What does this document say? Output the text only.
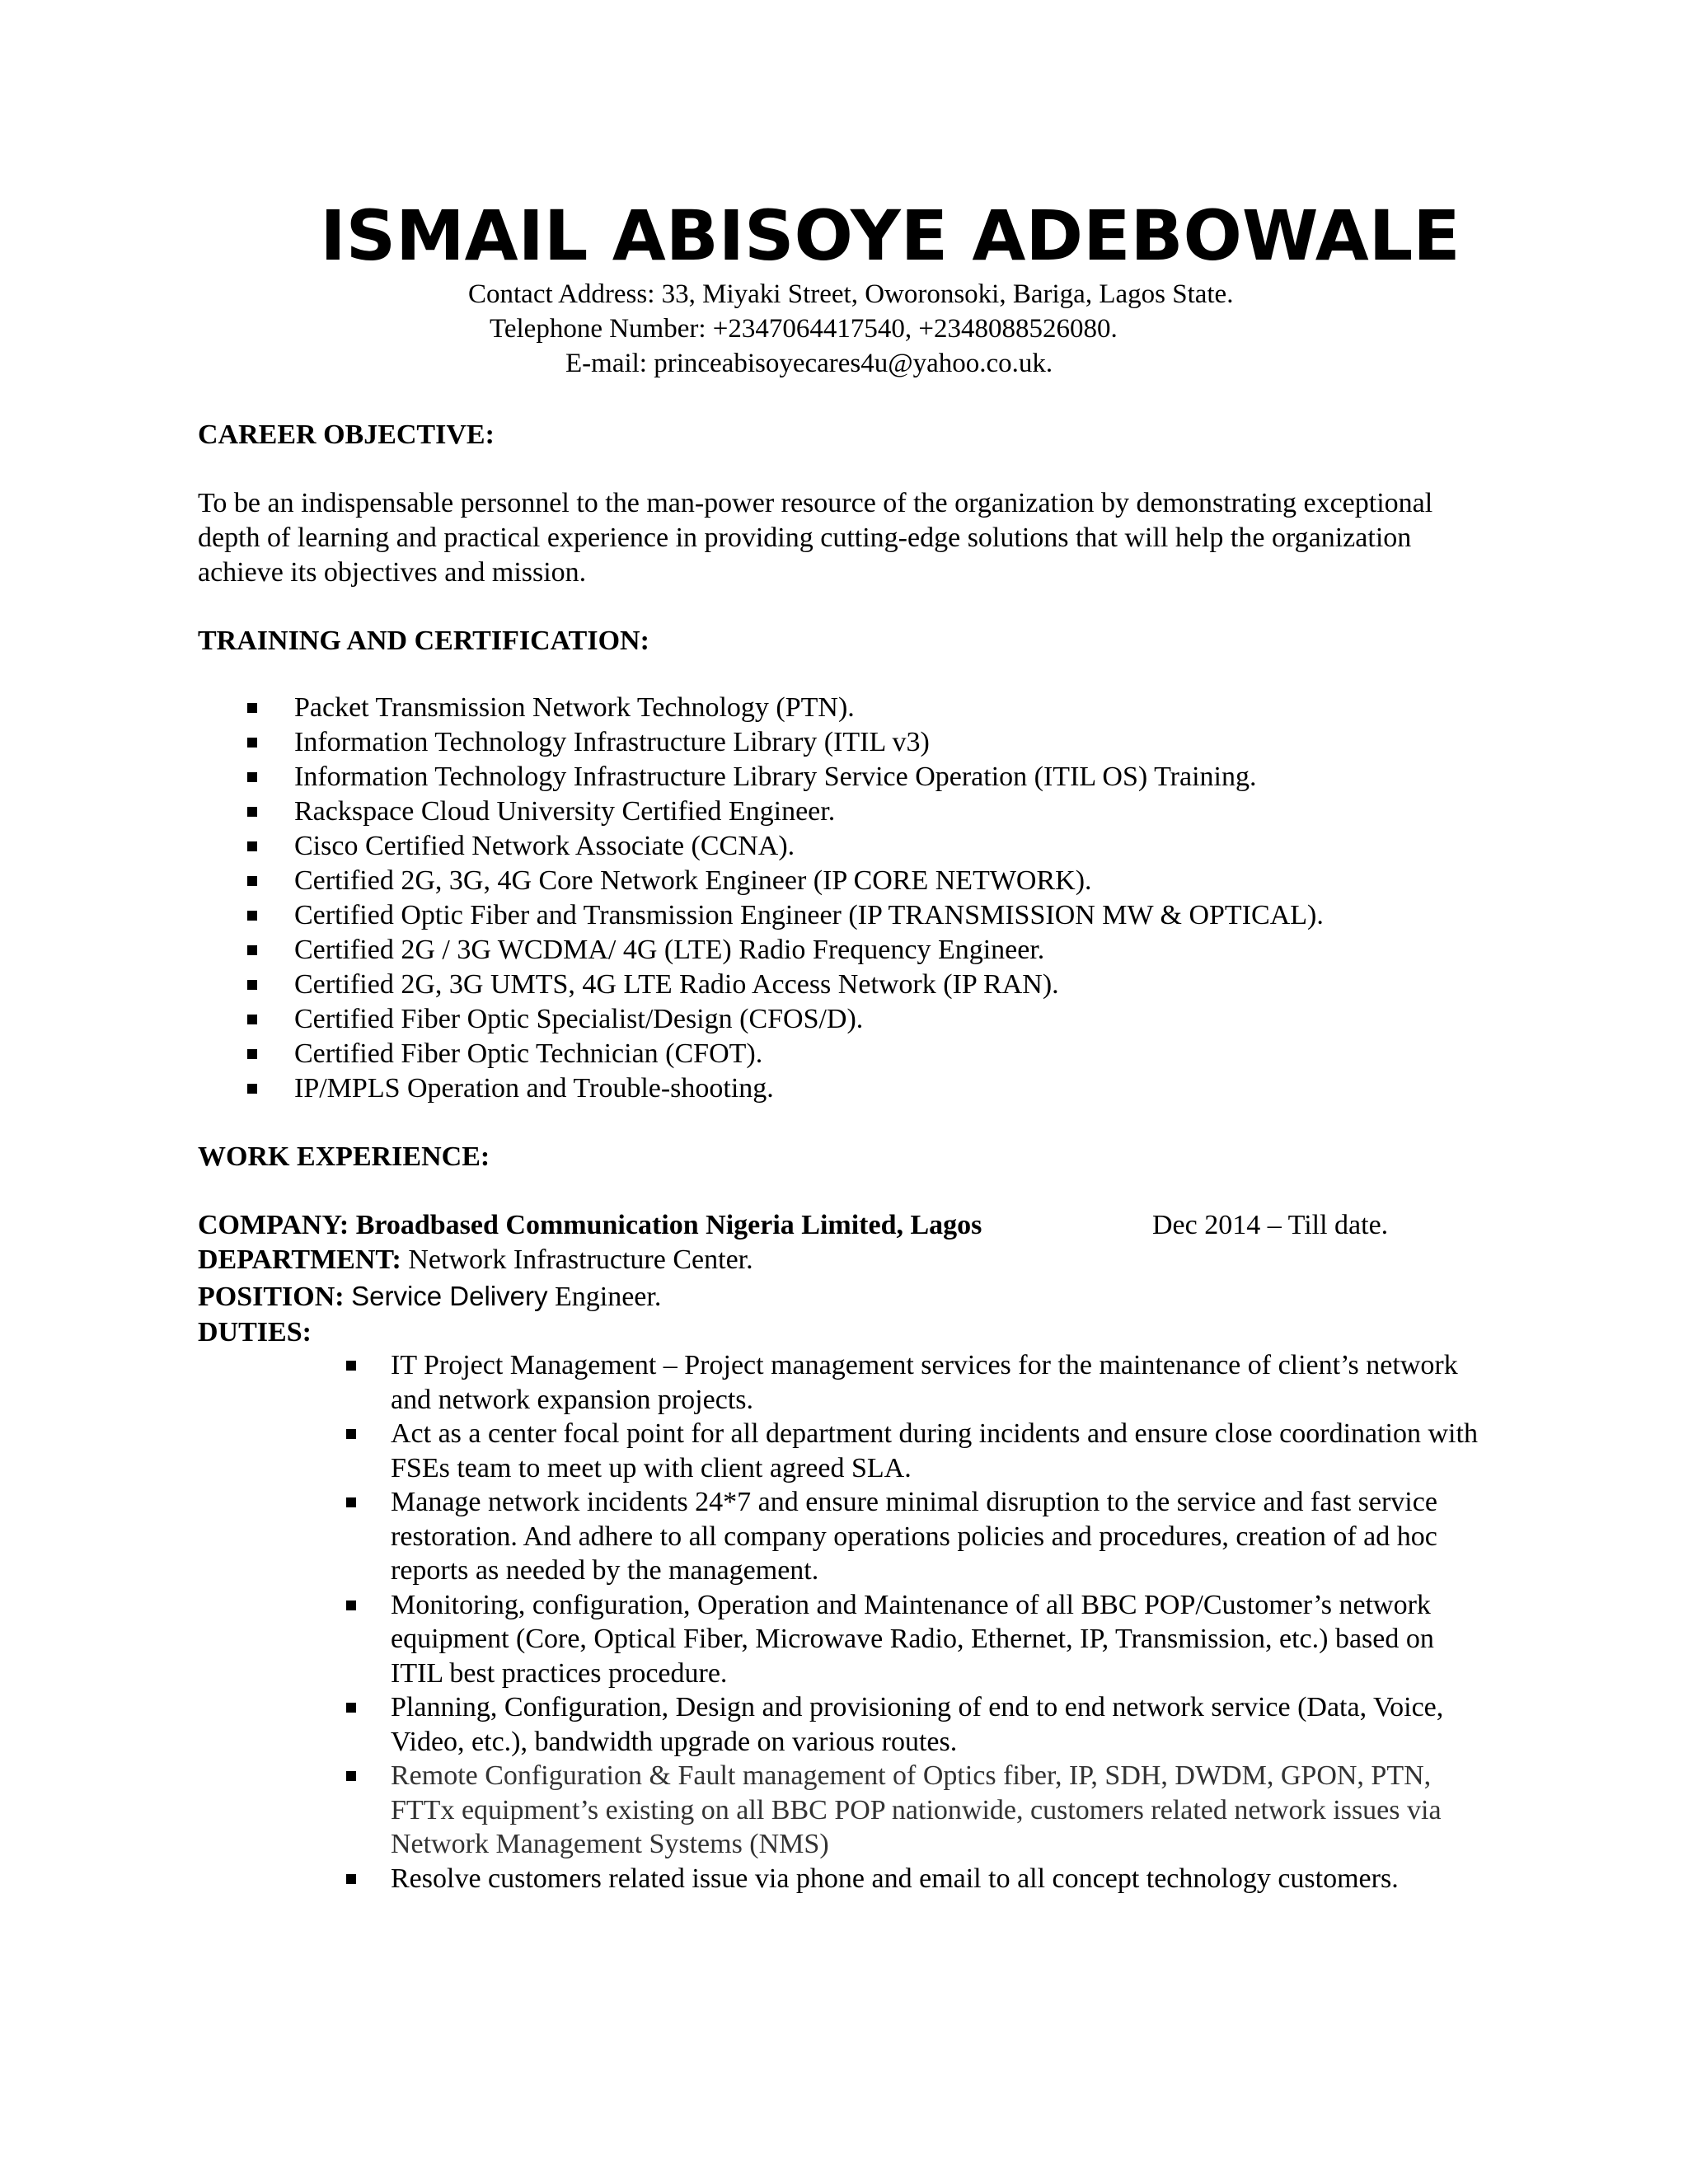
ISMAIL ABISOYE ADEBOWALE
Contact Address: 33, Miyaki Street, Oworonsoki, Bariga, Lagos State.
Telephone Number: +2347064417540, +2348088526080.
E-mail: princeabisoyecares4u@yahoo.co.uk.
CAREER OBJECTIVE:
To be an indispensable personnel to the man-power resource of the organization by demonstrating exceptional depth of learning and practical experience in providing cutting-edge solutions that will help the organization achieve its objectives and mission.
TRAINING AND CERTIFICATION:
Packet Transmission Network Technology (PTN).
Information Technology Infrastructure Library (ITIL v3)
Information Technology Infrastructure Library Service Operation (ITIL OS) Training.
Rackspace Cloud University Certified Engineer.
Cisco Certified Network Associate (CCNA).
Certified 2G, 3G, 4G Core Network Engineer (IP CORE NETWORK).
Certified Optic Fiber and Transmission Engineer (IP TRANSMISSION MW & OPTICAL).
Certified 2G / 3G WCDMA/ 4G (LTE) Radio Frequency Engineer.
Certified 2G, 3G UMTS, 4G LTE Radio Access Network (IP RAN).
Certified Fiber Optic Specialist/Design (CFOS/D).
Certified Fiber Optic Technician (CFOT).
IP/MPLS Operation and Trouble-shooting.
WORK EXPERIENCE:
COMPANY: Broadbased Communication Nigeria Limited, Lagos	Dec 2014 – Till date.
DEPARTMENT: Network Infrastructure Center.
POSITION: Service Delivery Engineer.
DUTIES:
IT Project Management – Project management services for the maintenance of client’s network and network expansion projects.
Act as a center focal point for all department during incidents and ensure close coordination with FSEs team to meet up with client agreed SLA.
Manage network incidents 24*7 and ensure minimal disruption to the service and fast service restoration. And adhere to all company operations policies and procedures, creation of ad hoc reports as needed by the management.
Monitoring, configuration, Operation and Maintenance of all BBC POP/Customer’s network equipment (Core, Optical Fiber, Microwave Radio, Ethernet, IP, Transmission, etc.) based on ITIL best practices procedure.
Planning, Configuration, Design and provisioning of end to end network service (Data, Voice, Video, etc.), bandwidth upgrade on various routes.
Remote Configuration & Fault management of Optics fiber, IP, SDH, DWDM, GPON, PTN, FTTx equipment’s existing on all BBC POP nationwide, customers related network issues via Network Management Systems (NMS)
Resolve customers related issue via phone and email to all concept technology customers.
